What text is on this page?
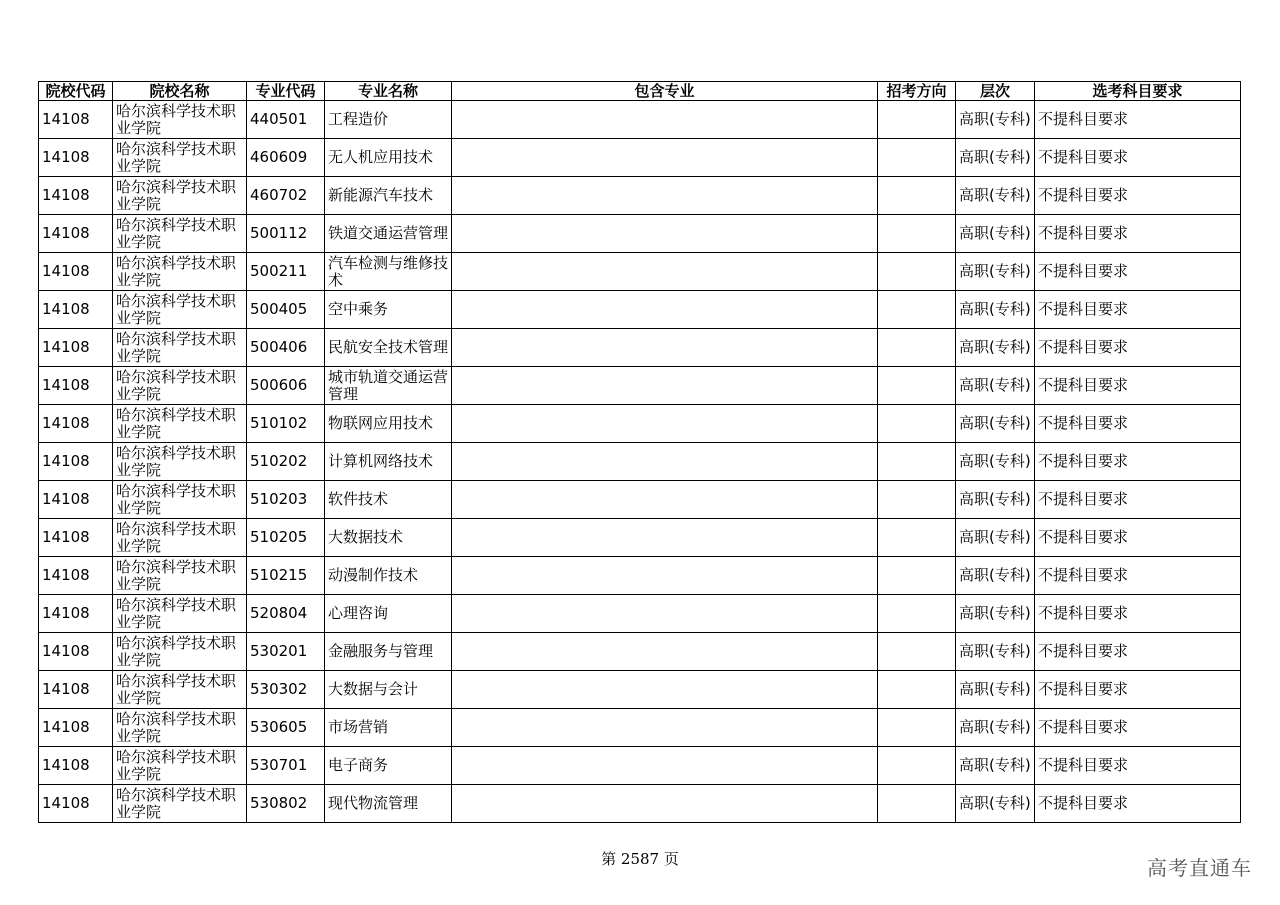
院校代码	院校名称	专业代码	专业名称	包含专业	招考方向	层次	选考科目要求
14108	哈尔滨科学技术职业学院	440501	工程造价			高职(专科)	不提科目要求
14108	哈尔滨科学技术职业学院	460609	无人机应用技术			高职(专科)	不提科目要求
14108	哈尔滨科学技术职业学院	460702	新能源汽车技术			高职(专科)	不提科目要求
14108	哈尔滨科学技术职业学院	500112	铁道交通运营管理			高职(专科)	不提科目要求
14108	哈尔滨科学技术职业学院	500211	汽车检测与维修技术			高职(专科)	不提科目要求
14108	哈尔滨科学技术职业学院	500405	空中乘务			高职(专科)	不提科目要求
14108	哈尔滨科学技术职业学院	500406	民航安全技术管理			高职(专科)	不提科目要求
14108	哈尔滨科学技术职业学院	500606	城市轨道交通运营管理			高职(专科)	不提科目要求
14108	哈尔滨科学技术职业学院	510102	物联网应用技术			高职(专科)	不提科目要求
14108	哈尔滨科学技术职业学院	510202	计算机网络技术			高职(专科)	不提科目要求
14108	哈尔滨科学技术职业学院	510203	软件技术			高职(专科)	不提科目要求
14108	哈尔滨科学技术职业学院	510205	大数据技术			高职(专科)	不提科目要求
14108	哈尔滨科学技术职业学院	510215	动漫制作技术			高职(专科)	不提科目要求
14108	哈尔滨科学技术职业学院	520804	心理咨询			高职(专科)	不提科目要求
14108	哈尔滨科学技术职业学院	530201	金融服务与管理			高职(专科)	不提科目要求
14108	哈尔滨科学技术职业学院	530302	大数据与会计			高职(专科)	不提科目要求
14108	哈尔滨科学技术职业学院	530605	市场营销			高职(专科)	不提科目要求
14108	哈尔滨科学技术职业学院	530701	电子商务			高职(专科)	不提科目要求
14108	哈尔滨科学技术职业学院	530802	现代物流管理			高职(专科)	不提科目要求
第 2587 页	高考直通车
